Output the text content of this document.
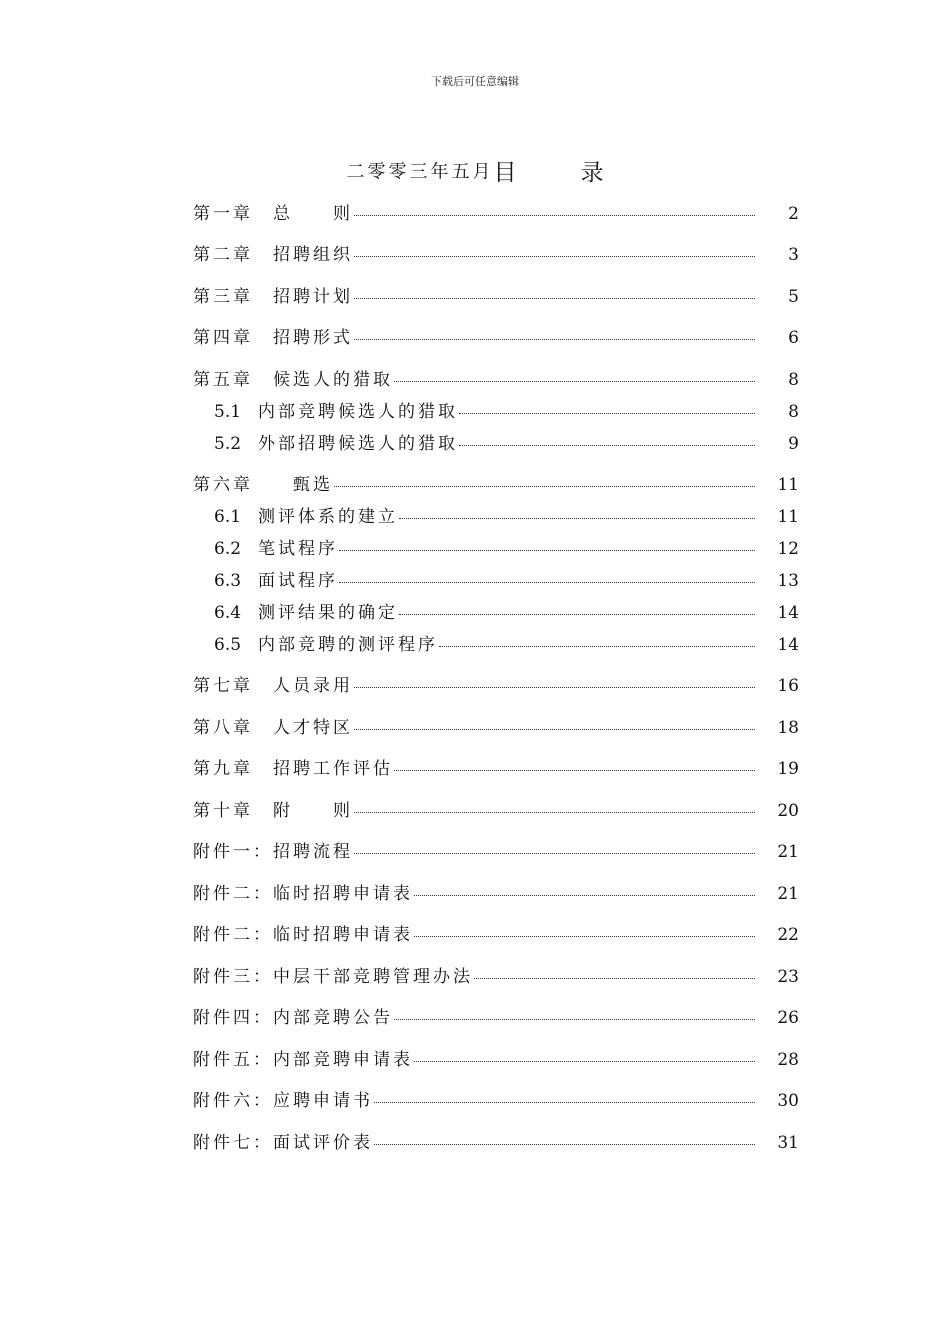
下载后可任意编辑
二零零三年五月目	录
第一章 总　　则	2
第二章 招聘组织	3
第三章 招聘计划	5
第四章 招聘形式	6
第五章 候选人的猎取	8
5.1 内部竞聘候选人的猎取	8
5.2 外部招聘候选人的猎取	9
第六章 　甄选	11
6.1 测评体系的建立	11
6.2 笔试程序	12
6.3 面试程序	13
6.4 测评结果的确定	14
6.5 内部竞聘的测评程序	14
第七章 人员录用	16
第八章 人才特区	18
第九章 招聘工作评估	19
第十章 附　　则	20
附件一： 招聘流程	21
附件二： 临时招聘申请表	21
附件二： 临时招聘申请表	22
附件三： 中层干部竞聘管理办法	23
附件四： 内部竞聘公告	26
附件五： 内部竞聘申请表	28
附件六： 应聘申请书	30
附件七： 面试评价表	31
